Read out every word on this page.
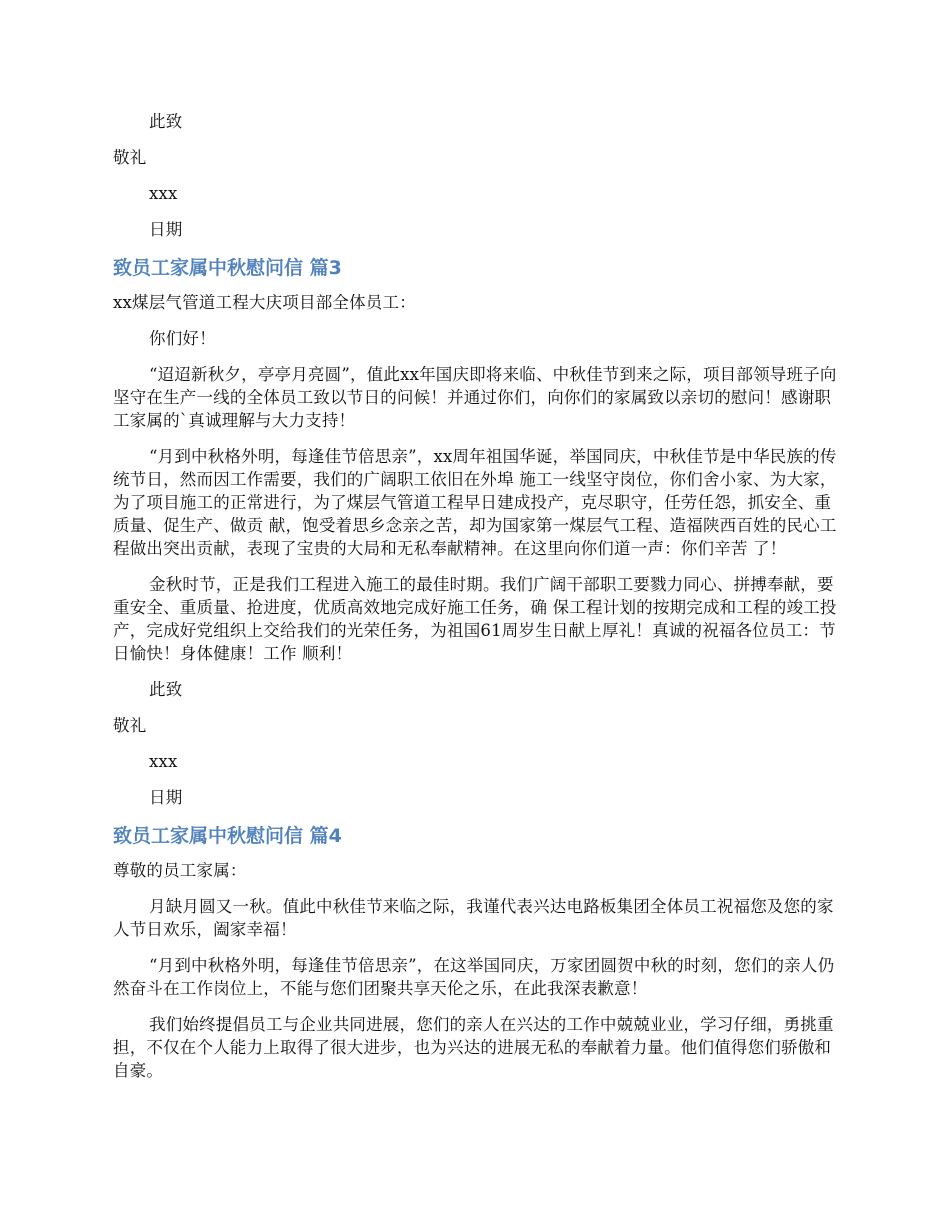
此致

敬礼

xxx

日期

致员工家属中秋慰问信 篇3

xx煤层气管道工程大庆项目部全体员工：

你们好！

“迢迢新秋夕，亭亭月亮圆”，值此xx年国庆即将来临、中秋佳节到来之际，项目部领导班子向坚守在生产一线的全体员工致以节日的问候！并通过你们，向你们的家属致以亲切的慰问！感谢职工家属的`真诚理解与大力支持！

“月到中秋格外明，每逢佳节倍思亲”，xx周年祖国华诞，举国同庆，中秋佳节是中华民族的传统节日，然而因工作需要，我们的广阔职工依旧在外埠 施工一线坚守岗位，你们舍小家、为大家，为了项目施工的正常进行，为了煤层气管道工程早日建成投产，克尽职守，任劳任怨，抓安全、重质量、促生产、做贡 献，饱受着思乡念亲之苦，却为国家第一煤层气工程、造福陕西百姓的民心工程做出突出贡献，表现了宝贵的大局和无私奉献精神。在这里向你们道一声：你们辛苦 了！

金秋时节，正是我们工程进入施工的最佳时期。我们广阔干部职工要戮力同心、拼搏奉献，要重安全、重质量、抢进度，优质高效地完成好施工任务，确 保工程计划的按期完成和工程的竣工投产，完成好党组织上交给我们的光荣任务，为祖国61周岁生日献上厚礼！真诚的祝福各位员工：节日愉快！身体健康！工作 顺利！

此致

敬礼

xxx

日期

致员工家属中秋慰问信 篇4

尊敬的员工家属：

月缺月圆又一秋。值此中秋佳节来临之际，我谨代表兴达电路板集团全体员工祝福您及您的家人节日欢乐，阖家幸福！

“月到中秋格外明，每逢佳节倍思亲”，在这举国同庆，万家团圆贺中秋的时刻，您们的亲人仍然奋斗在工作岗位上，不能与您们团聚共享天伦之乐，在此我深表歉意！

我们始终提倡员工与企业共同进展，您们的亲人在兴达的工作中兢兢业业，学习仔细，勇挑重担，不仅在个人能力上取得了很大进步，也为兴达的进展无私的奉献着力量。他们值得您们骄傲和自豪。
